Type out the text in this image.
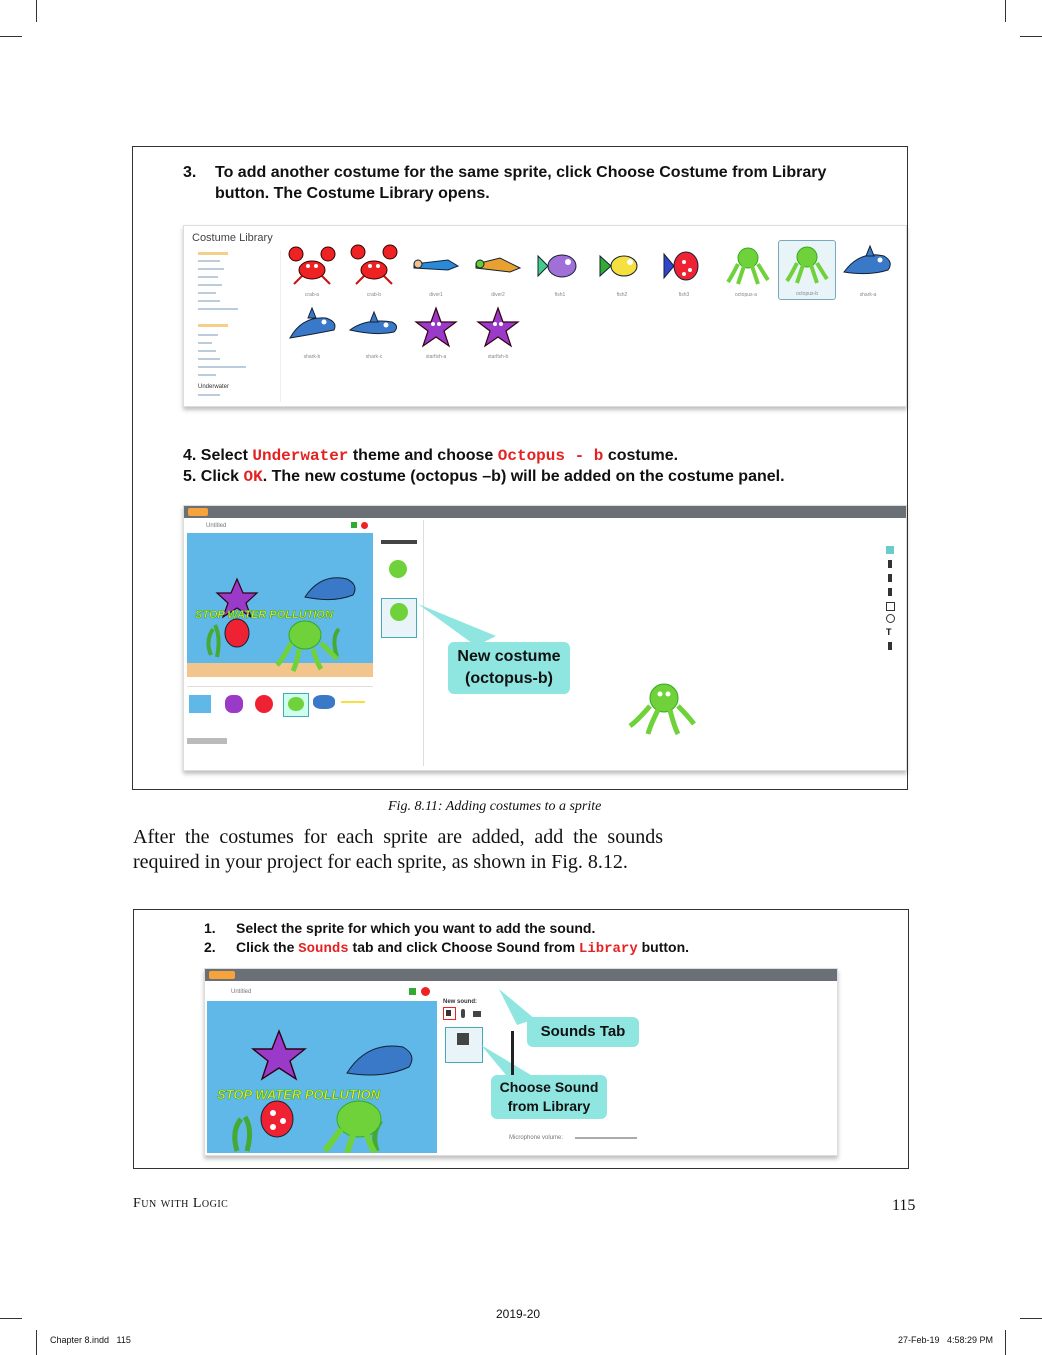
3. To add another costume for the same sprite, click Choose Costume from Library
button. The Costume Library opens.
Costume Library
Underwater
crab-a	crab-b	diver1	diver2	fish1	fish2	fish3	octopus-a	octopus-b	shark-a
shark-b	shark-c	starfish-a	starfish-b
4. Select Underwater theme and choose Octopus - b costume.
5. Click OK. The new costume (octopus –b) will be added on the costume panel.
Untitled
STOP WATER POLLUTION
New costume
(octopus-b)
T
Fig. 8.11: Adding costumes to a sprite
After the costumes for each sprite are added, add the sounds required in your project for each sprite, as shown in Fig. 8.12.
1. Select the sprite for which you want to add the sound.
2. Click the Sounds tab and click Choose Sound from Library button.
Untitled
STOP WATER POLLUTION
New sound:
Sounds Tab
Choose Sound
from Library
Microphone volume:
Fun with Logic	115
2019-20
Chapter 8.indd   115	27-Feb-19   4:58:29 PM
